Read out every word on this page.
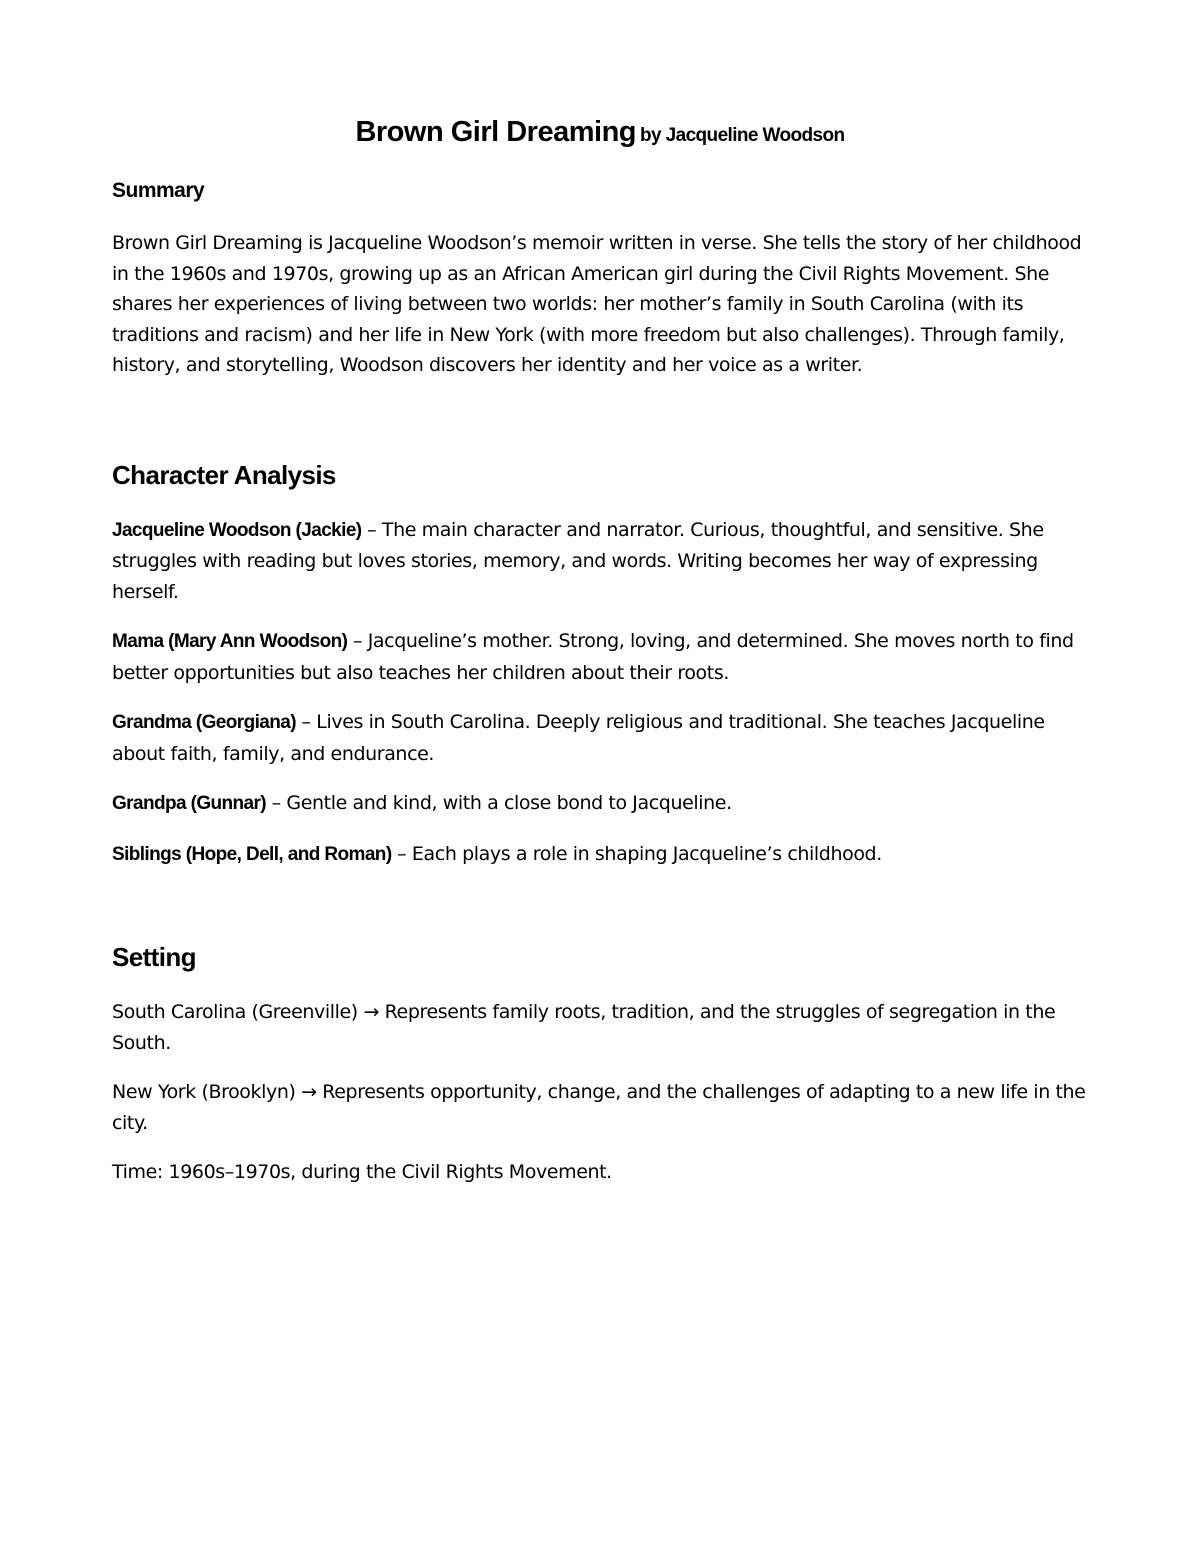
Brown Girl Dreaming by Jacqueline Woodson
Summary

Brown Girl Dreaming is Jacqueline Woodson’s memoir written in verse. She tells the story of her childhood in the 1960s and 1970s, growing up as an African American girl during the Civil Rights Movement. She shares her experiences of living between two worlds: her mother’s family in South Carolina (with its traditions and racism) and her life in New York (with more freedom but also challenges). Through family, history, and storytelling, Woodson discovers her identity and her voice as a writer.

Character Analysis

Jacqueline Woodson (Jackie) – The main character and narrator. Curious, thoughtful, and sensitive. She struggles with reading but loves stories, memory, and words. Writing becomes her way of expressing herself.

Mama (Mary Ann Woodson) – Jacqueline’s mother. Strong, loving, and determined. She moves north to find better opportunities but also teaches her children about their roots.

Grandma (Georgiana) – Lives in South Carolina. Deeply religious and traditional. She teaches Jacqueline about faith, family, and endurance.

Grandpa (Gunnar) – Gentle and kind, with a close bond to Jacqueline.

Siblings (Hope, Dell, and Roman) – Each plays a role in shaping Jacqueline’s childhood.

Setting

South Carolina (Greenville) → Represents family roots, tradition, and the struggles of segregation in the South.

New York (Brooklyn) → Represents opportunity, change, and the challenges of adapting to a new life in the city.

Time: 1960s–1970s, during the Civil Rights Movement.
